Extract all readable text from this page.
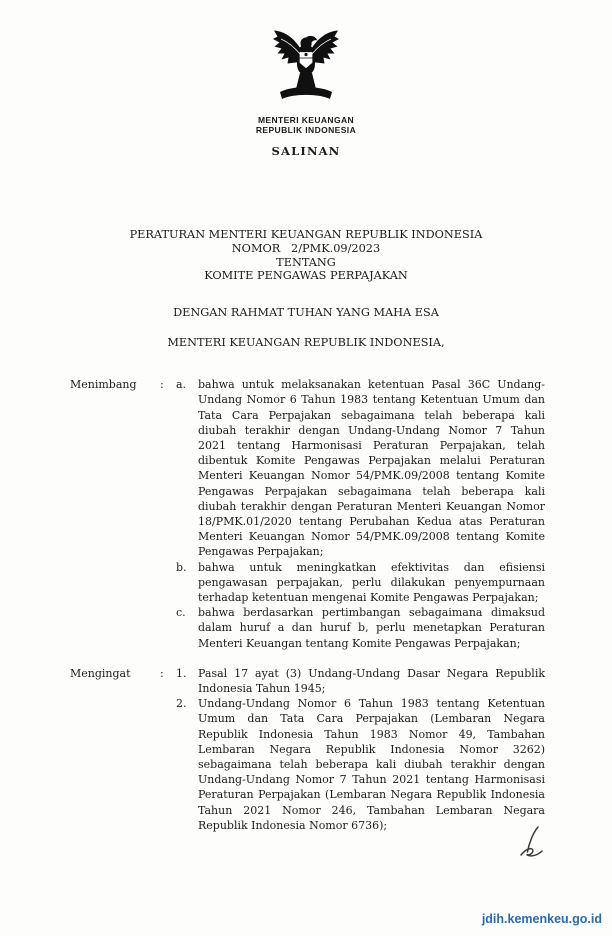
MENTERI KEUANGAN
REPUBLIK INDONESIA
SALINAN
PERATURAN MENTERI KEUANGAN REPUBLIK INDONESIA
NOMOR   2/PMK.09/2023
TENTANG
KOMITE PENGAWAS PERPAJAKAN
DENGAN RAHMAT TUHAN YANG MAHA ESA
MENTERI KEUANGAN REPUBLIK INDONESIA,
Menimbang	:	a.	bahwa untuk melaksanakan ketentuan Pasal 36C Undang-Undang Nomor 6 Tahun 1983 tentang Ketentuan Umum dan Tata Cara Perpajakan sebagaimana telah beberapa kali diubah terakhir dengan Undang-Undang Nomor 7 Tahun 2021 tentang Harmonisasi Peraturan Perpajakan, telah dibentuk Komite Pengawas Perpajakan melalui Peraturan Menteri Keuangan Nomor 54/PMK.09/2008 tentang Komite Pengawas Perpajakan sebagaimana telah beberapa kali diubah terakhir dengan Peraturan Menteri Keuangan Nomor 18/PMK.01/2020 tentang Perubahan Kedua atas Peraturan Menteri Keuangan Nomor 54/PMK.09/2008 tentang Komite Pengawas Perpajakan;
b.	bahwa untuk meningkatkan efektivitas dan efisiensi pengawasan perpajakan, perlu dilakukan penyempurnaan terhadap ketentuan mengenai Komite Pengawas Perpajakan;
c.	bahwa berdasarkan pertimbangan sebagaimana dimaksud dalam huruf a dan huruf b, perlu menetapkan Peraturan Menteri Keuangan tentang Komite Pengawas Perpajakan;
Mengingat	:	1.	Pasal 17 ayat (3) Undang-Undang Dasar Negara Republik Indonesia Tahun 1945;
2.	Undang-Undang Nomor 6 Tahun 1983 tentang Ketentuan Umum dan Tata Cara Perpajakan (Lembaran Negara Republik Indonesia Tahun 1983 Nomor 49, Tambahan Lembaran Negara Republik Indonesia Nomor 3262) sebagaimana telah beberapa kali diubah terakhir dengan Undang-Undang Nomor 7 Tahun 2021 tentang Harmonisasi Peraturan Perpajakan (Lembaran Negara Republik Indonesia Tahun 2021 Nomor 246, Tambahan Lembaran Negara Republik Indonesia Nomor 6736);
jdih.kemenkeu.go.id
